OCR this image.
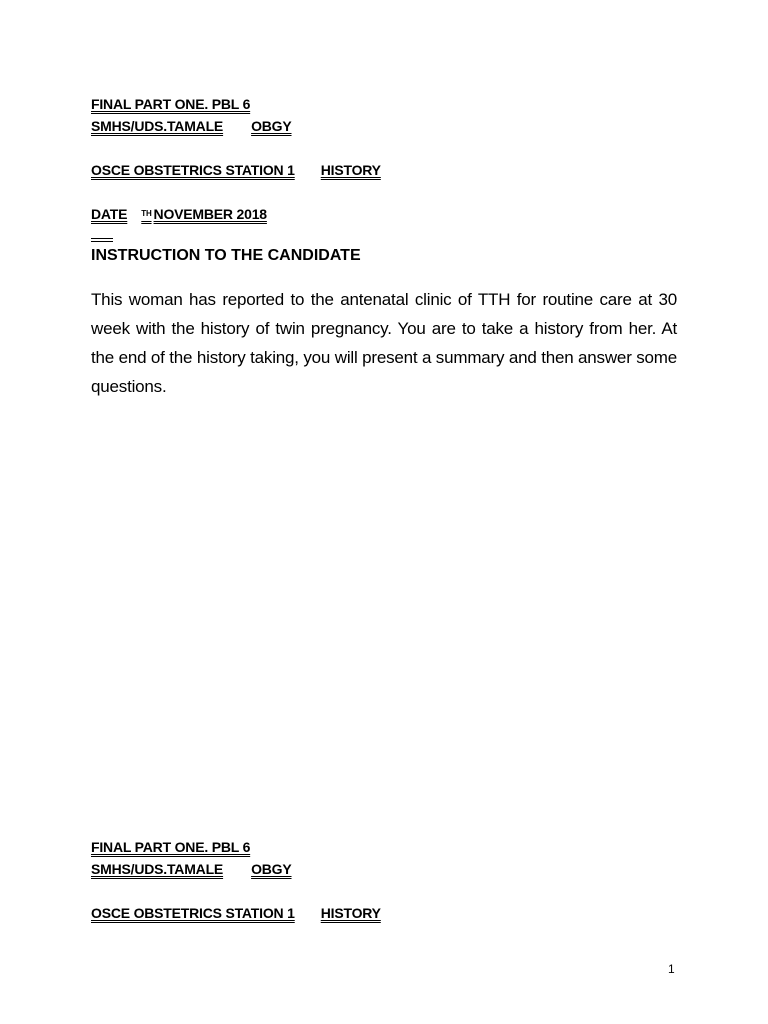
FINAL PART ONE. PBL 6
SMHS/UDS.TAMALE OBGY
OSCE OBSTETRICS STATION 1 HISTORY
DATE $^{TH}$ NOVEMBER 2018
INSTRUCTION TO THE CANDIDATE
This woman has reported to the antenatal clinic of TTH for routine care at 30 week with the history of twin pregnancy. You are to take a history from her. At the end of the history taking, you will present a summary and then answer some questions.
FINAL PART ONE. PBL 6
SMHS/UDS.TAMALE OBGY
OSCE OBSTETRICS STATION 1 HISTORY
1
